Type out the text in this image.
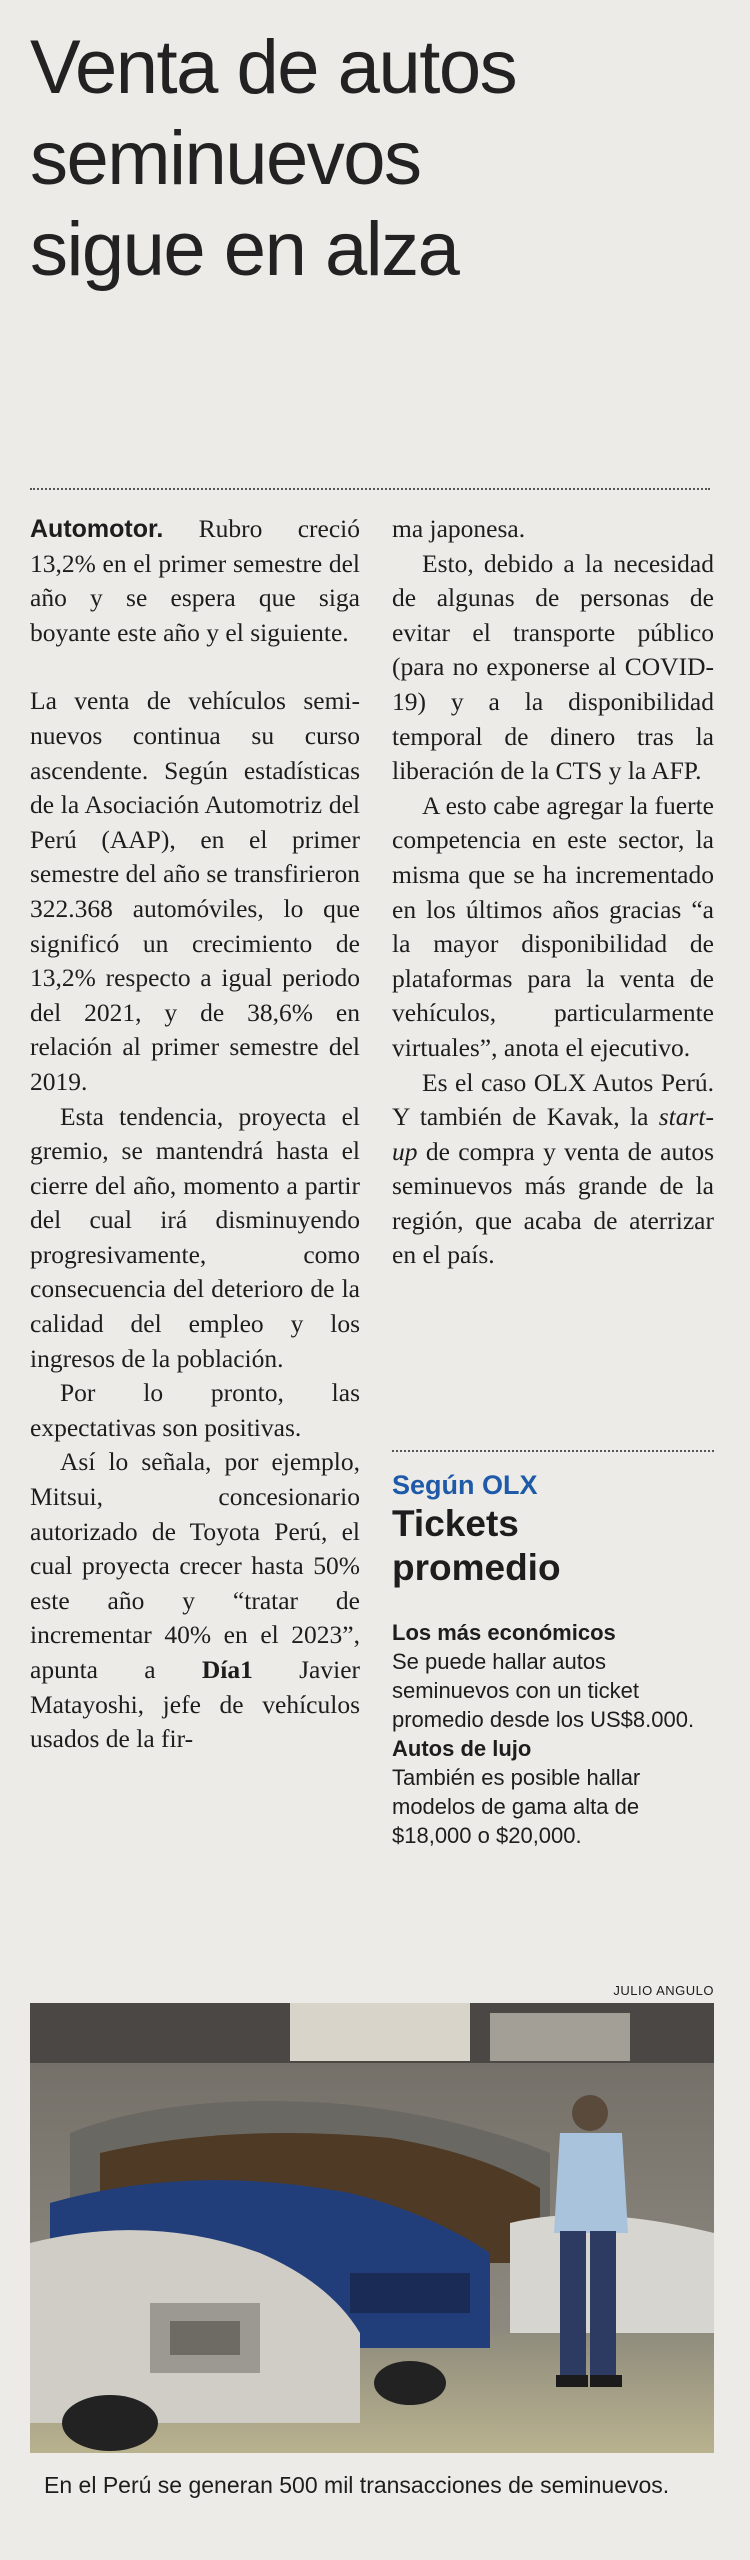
Venta de autos
seminuevos
sigue en alza

Automotor. Rubro creció 13,2% en el primer semestre del año y se espera que siga boyante este año y el siguiente.

La venta de vehículos semi-nuevos continua su curso ascendente. Según estadísticas de la Asociación Automotriz del Perú (AAP), en el primer semestre del año se transfirieron 322.368 automóviles, lo que significó un crecimiento de 13,2% respecto a igual periodo del 2021, y de 38,6% en relación al primer semestre del 2019.

Esta tendencia, proyecta el gremio, se mantendrá hasta el cierre del año, momento a partir del cual irá disminuyendo progresivamente, como consecuencia del deterioro de la calidad del empleo y los ingresos de la población.

Por lo pronto, las expectativas son positivas.

Así lo señala, por ejemplo, Mitsui, concesionario autorizado de Toyota Perú, el cual proyecta crecer hasta 50% este año y “tratar de incrementar 40% en el 2023”, apunta a Día1 Javier Matayoshi, jefe de vehículos usados de la fir-

ma japonesa.

Esto, debido a la necesidad de algunas de personas de evitar el transporte público (para no exponerse al COVID-19) y a la disponibilidad temporal de dinero tras la liberación de la CTS y la AFP.

A esto cabe agregar la fuerte competencia en este sector, la misma que se ha incrementado en los últimos años gracias “a la mayor disponibilidad de plataformas para la venta de vehículos, particularmente virtuales”, anota el ejecutivo.

Es el caso OLX Autos Perú. Y también de Kavak, la start-up de compra y venta de autos seminuevos más grande de la región, que acaba de aterrizar en el país.

Según OLX
Tickets
promedio
Los más económicos
Se puede hallar autos seminuevos con un ticket promedio desde los US$8.000.
Autos de lujo
También es posible hallar modelos de gama alta de $18,000 o $20,000.
JULIO ANGULO
En el Perú se generan 500 mil transacciones de seminuevos.
